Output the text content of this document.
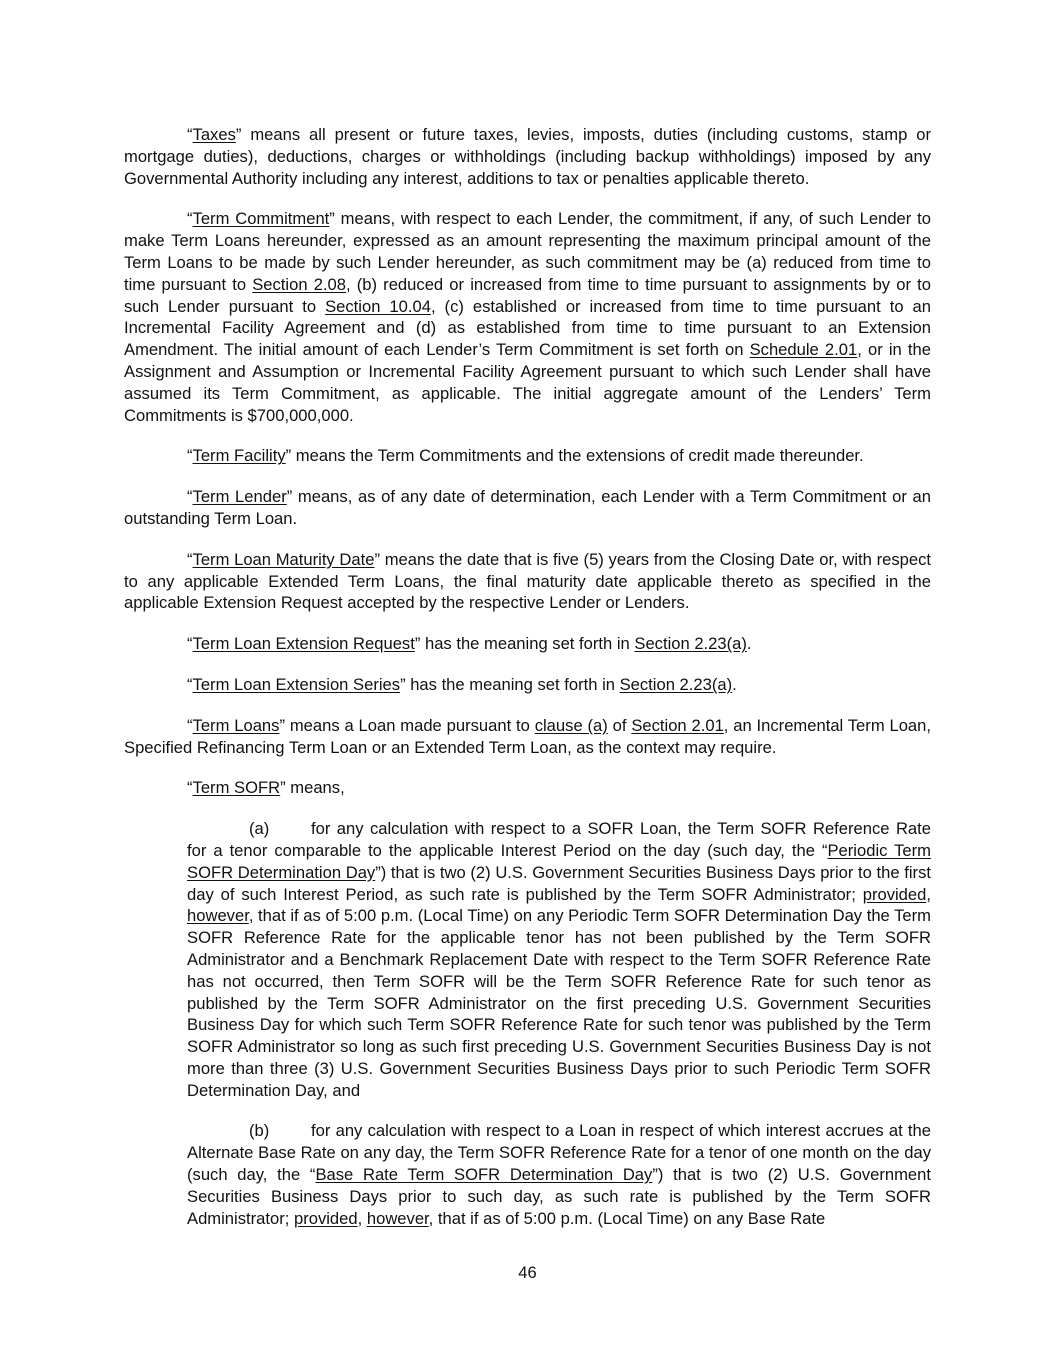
“Taxes” means all present or future taxes, levies, imposts, duties (including customs, stamp or mortgage duties), deductions, charges or withholdings (including backup withholdings) imposed by any Governmental Authority including any interest, additions to tax or penalties applicable thereto.

“Term Commitment” means, with respect to each Lender, the commitment, if any, of such Lender to make Term Loans hereunder, expressed as an amount representing the maximum principal amount of the Term Loans to be made by such Lender hereunder, as such commitment may be (a) reduced from time to time pursuant to Section 2.08, (b) reduced or increased from time to time pursuant to assignments by or to such Lender pursuant to Section 10.04, (c) established or increased from time to time pursuant to an Incremental Facility Agreement and (d) as established from time to time pursuant to an Extension Amendment. The initial amount of each Lender’s Term Commitment is set forth on Schedule 2.01, or in the Assignment and Assumption or Incremental Facility Agreement pursuant to which such Lender shall have assumed its Term Commitment, as applicable. The initial aggregate amount of the Lenders’ Term Commitments is $700,000,000.

“Term Facility” means the Term Commitments and the extensions of credit made thereunder.

“Term Lender” means, as of any date of determination, each Lender with a Term Commitment or an outstanding Term Loan.

“Term Loan Maturity Date” means the date that is five (5) years from the Closing Date or, with respect to any applicable Extended Term Loans, the final maturity date applicable thereto as specified in the applicable Extension Request accepted by the respective Lender or Lenders.

“Term Loan Extension Request” has the meaning set forth in Section 2.23(a).

“Term Loan Extension Series” has the meaning set forth in Section 2.23(a).

“Term Loans” means a Loan made pursuant to clause (a) of Section 2.01, an Incremental Term Loan, Specified Refinancing Term Loan or an Extended Term Loan, as the context may require.

“Term SOFR” means,

(a)	for any calculation with respect to a SOFR Loan, the Term SOFR Reference Rate for a tenor comparable to the applicable Interest Period on the day (such day, the “Periodic Term SOFR Determination Day”) that is two (2) U.S. Government Securities Business Days prior to the first day of such Interest Period, as such rate is published by the Term SOFR Administrator; provided, however, that if as of 5:00 p.m. (Local Time) on any Periodic Term SOFR Determination Day the Term SOFR Reference Rate for the applicable tenor has not been published by the Term SOFR Administrator and a Benchmark Replacement Date with respect to the Term SOFR Reference Rate has not occurred, then Term SOFR will be the Term SOFR Reference Rate for such tenor as published by the Term SOFR Administrator on the first preceding U.S. Government Securities Business Day for which such Term SOFR Reference Rate for such tenor was published by the Term SOFR Administrator so long as such first preceding U.S. Government Securities Business Day is not more than three (3) U.S. Government Securities Business Days prior to such Periodic Term SOFR Determination Day, and

(b)	for any calculation with respect to a Loan in respect of which interest accrues at the Alternate Base Rate on any day, the Term SOFR Reference Rate for a tenor of one month on the day (such day, the “Base Rate Term SOFR Determination Day”) that is two (2) U.S. Government Securities Business Days prior to such day, as such rate is published by the Term SOFR Administrator; provided, however, that if as of 5:00 p.m. (Local Time) on any Base Rate

46
